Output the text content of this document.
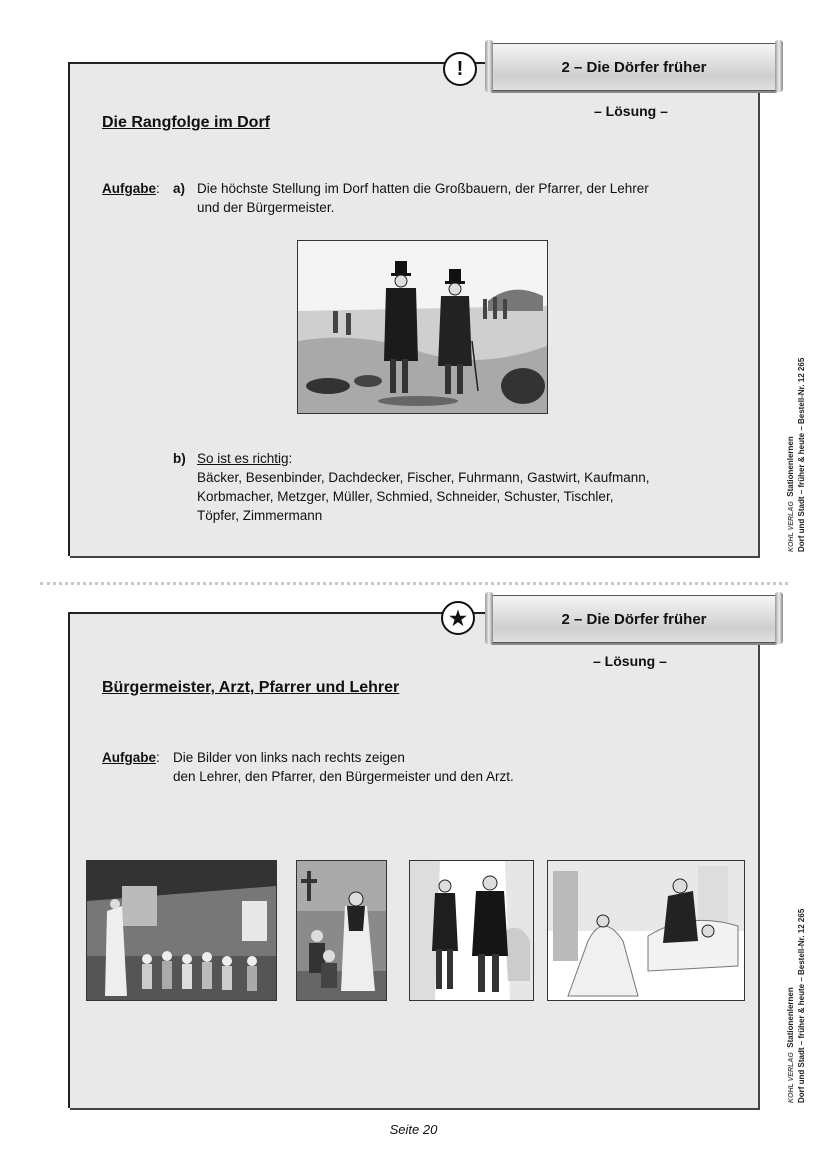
!	2 – Die Dörfer früher
– Lösung –
Die Rangfolge im Dorf
Aufgabe: a) Die höchste Stellung im Dorf hatten die Großbauern, der Pfarrer, der Lehrer
und der Bürgermeister.
b) So ist es richtig:
Bäcker, Besenbinder, Dachdecker, Fischer, Fuhrmann, Gastwirt, Kaufmann,
Korbmacher, Metzger, Müller, Schmied, Schneider, Schuster, Tischler,
Töpfer, Zimmermann	KOHL VERLAG  Stationenlernen Dorf und Stadt – früher & heute – Bestell-Nr. 12 265
★	2 – Die Dörfer früher
– Lösung –
Bürgermeister, Arzt, Pfarrer und Lehrer
Aufgabe: Die Bilder von links nach rechts zeigen
den Lehrer, den Pfarrer, den Bürgermeister und den Arzt.
KOHL VERLAG  Stationenlernen Dorf und Stadt – früher & heute – Bestell-Nr. 12 265
Seite 20
